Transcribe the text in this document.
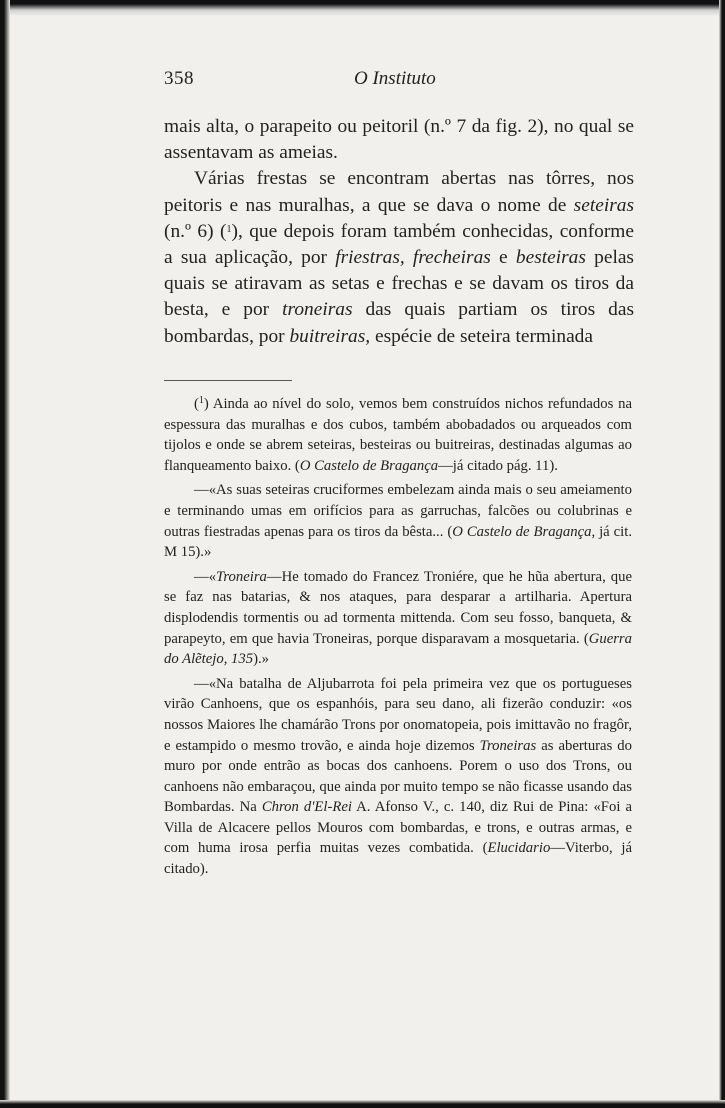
358	O Instituto

mais alta, o parapeito ou peitoril (n.º 7 da fig. 2), no qual se assentavam as ameias.

Várias frestas se encontram abertas nas tôrres, nos peitoris e nas muralhas, a que se dava o nome de seteiras (n.º 6) ($^1$), que depois foram também conhecidas, conforme a sua aplicação, por friestras, frecheiras e besteiras pelas quais se atiravam as setas e frechas e se davam os tiros da besta, e por troneiras das quais partiam os tiros das bombardas, por buitreiras, espécie de seteira terminada

($^1$) Ainda ao nível do solo, vemos bem construídos nichos refundados na espessura das muralhas e dos cubos, também abobadados ou arqueados com tijolos e onde se abrem seteiras, besteiras ou buitreiras, destinadas algumas ao flanqueamento baixo. (O Castelo de Bragança—já citado pág. 11).

—«As suas seteiras cruciformes embelezam ainda mais o seu ameiamento e terminando umas em orifícios para as garruchas, falcões ou colubrinas e outras fiestradas apenas para os tiros da bêsta... (O Castelo de Bragança, já cit. M 15).»

—«Troneira—He tomado do Francez Troniére, que he hũa abertura, que se faz nas batarias, & nos ataques, para desparar a artilharia. Apertura displodendis tormentis ou ad tormenta mittenda. Com seu fosso, banqueta, & parapeyto, em que havia Troneiras, porque disparavam a mosquetaria. (Guerra do Alẽtejo, 135).»

—«Na batalha de Aljubarrota foi pela primeira vez que os portugueses virão Canhoens, que os espanhóis, para seu dano, ali fizerão conduzir: «os nossos Maiores lhe chamárão Trons por onomatopeia, pois imittavão no fragôr, e estampido o mesmo trovão, e ainda hoje dizemos Troneiras as aberturas do muro por onde entrão as bocas dos canhoens. Porem o uso dos Trons, ou canhoens não embaraçou, que ainda por muito tempo se não ficasse usando das Bombardas. Na Chron d'El-Rei A. Afonso V., c. 140, diz Rui de Pina: «Foi a Villa de Alcacere pellos Mouros com bombardas, e trons, e outras armas, e com huma irosa perfia muitas vezes combatida. (Elucidario—Viterbo, já citado).
